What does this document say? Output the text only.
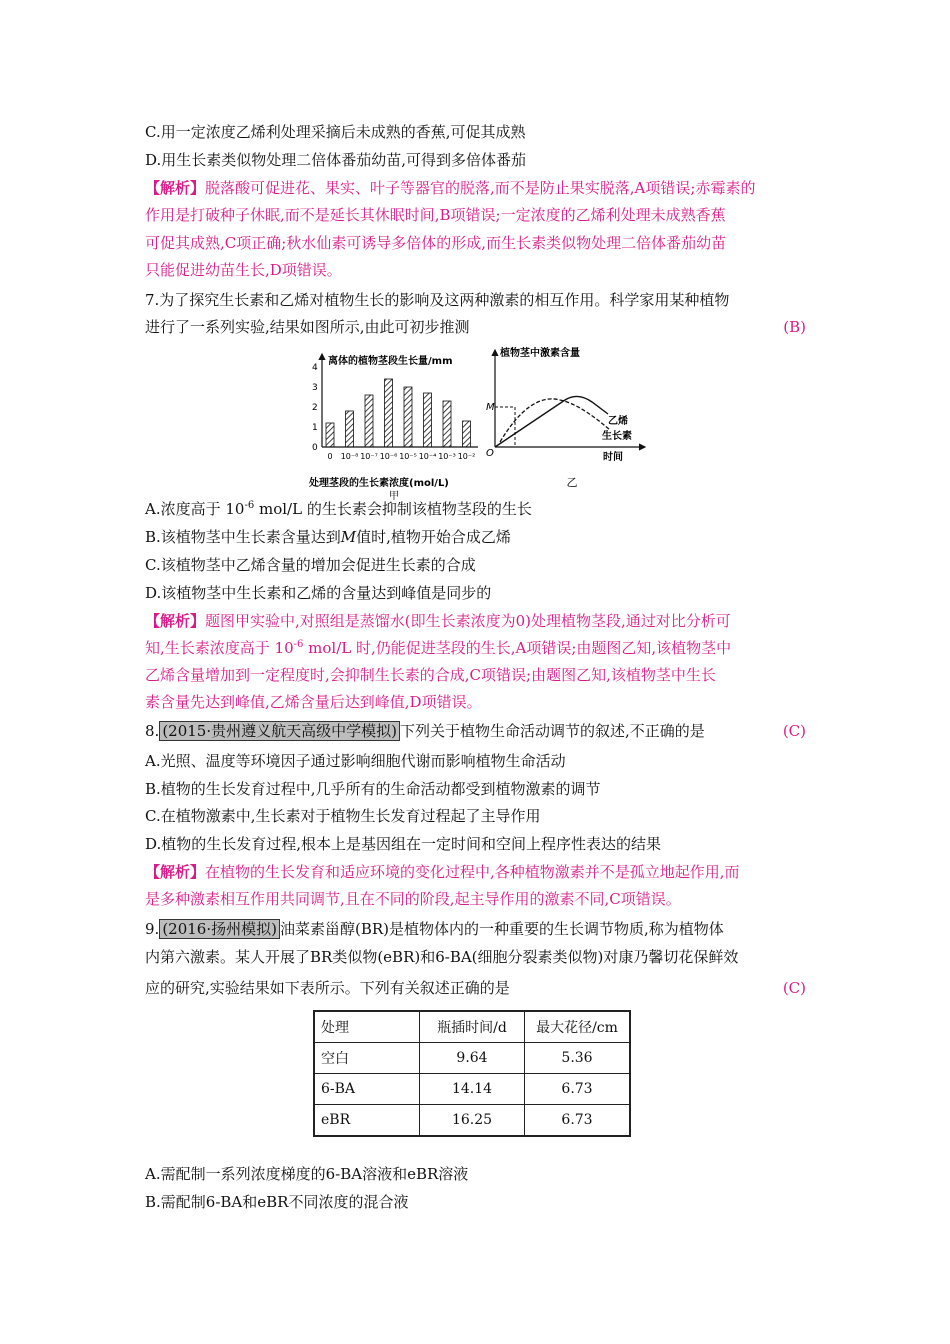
C.用一定浓度乙烯利处理采摘后未成熟的香蕉,可促其成熟
D.用生长素类似物处理二倍体番茄幼苗,可得到多倍体番茄
【解析】脱落酸可促进花、果实、叶子等器官的脱落,而不是防止果实脱落,A项错误;赤霉素的
作用是打破种子休眠,而不是延长其休眠时间,B项错误;一定浓度的乙烯利处理未成熟香蕉
可促其成熟,C项正确;秋水仙素可诱导多倍体的形成,而生长素类似物处理二倍体番茄幼苗
只能促进幼苗生长,D项错误。
7.为了探究生长素和乙烯对植物生长的影响及这两种激素的相互作用。科学家用某种植物
进行了一系列实验,结果如图所示,由此可初步推测	(B)
离体的植物茎段生长量/mm
处理茎段的生长素浓度(mol/L)
甲
0
1
2
3
4
0 10⁻⁸ 10⁻⁷ 10⁻⁶ 10⁻⁵ 10⁻⁴ 10⁻³ 10⁻²
植物茎中激素含量
O
M
乙烯
生长素
时间
乙
A.浓度高于 $10^{-6}$ mol/L 的生长素会抑制该植物茎段的生长
B.该植物茎中生长素含量达到M值时,植物开始合成乙烯
C.该植物茎中乙烯含量的增加会促进生长素的合成
D.该植物茎中生长素和乙烯的含量达到峰值是同步的
【解析】题图甲实验中,对照组是蒸馏水(即生长素浓度为0)处理植物茎段,通过对比分析可
知,生长素浓度高于 $10^{-6}$ mol/L 时,仍能促进茎段的生长,A项错误;由题图乙知,该植物茎中
乙烯含量增加到一定程度时,会抑制生长素的合成,C项错误;由题图乙知,该植物茎中生长
素含量先达到峰值,乙烯含量后达到峰值,D项错误。
8. (2015·贵州遵义航天高级中学模拟) 下列关于植物生命活动调节的叙述,不正确的是	(C)
A.光照、温度等环境因子通过影响细胞代谢而影响植物生命活动
B.植物的生长发育过程中,几乎所有的生命活动都受到植物激素的调节
C.在植物激素中,生长素对于植物生长发育过程起了主导作用
D.植物的生长发育过程,根本上是基因组在一定时间和空间上程序性表达的结果
【解析】在植物的生长发育和适应环境的变化过程中,各种植物激素并不是孤立地起作用,而
是多种激素相互作用共同调节,且在不同的阶段,起主导作用的激素不同,C项错误。
9. (2016·扬州模拟) 油菜素甾醇(BR)是植物体内的一种重要的生长调节物质,称为植物体
内第六激素。某人开展了BR类似物(eBR)和6-BA(细胞分裂素类似物)对康乃馨切花保鲜效
应的研究,实验结果如下表所示。下列有关叙述正确的是	(C)
处理	瓶插时间/d	最大花径/cm
空白	9.64	5.36
6-BA	14.14	6.73
eBR	16.25	6.73
A.需配制一系列浓度梯度的6-BA溶液和eBR溶液
B.需配制6-BA和eBR不同浓度的混合液
